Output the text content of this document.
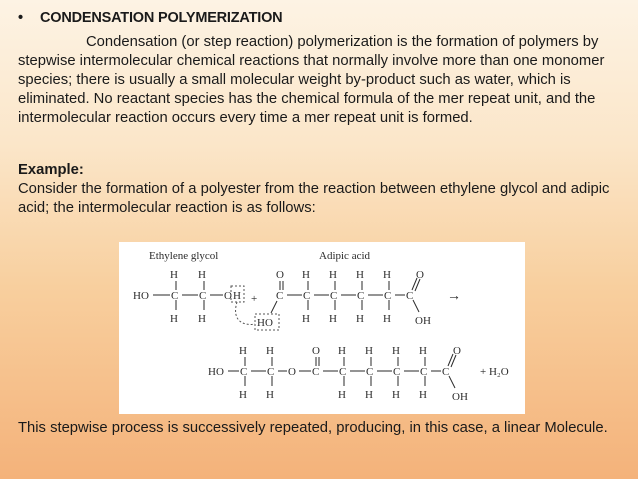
• CONDENSATION POLYMERIZATION
Condensation (or step reaction) polymerization is the formation of polymers by stepwise intermolecular chemical reactions that normally involve more than one monomer species; there is usually a small molecular weight by-product such as water, which is eliminated. No reactant species has the chemical formula of the mer repeat unit, and the intermolecular reaction occurs every time a mer repeat unit is formed.
Example:
Consider the formation of a polyester from the reaction between ethylene glycol and adipic acid; the intermolecular reaction is as follows:
Ethylene glycol	Adipic acid
H H
HO C C O H
H H
+
O H H H H O
C C C C C C
HO	H H H H OH
→
H H	O H H H H O
HO C C O C C C C C C
H H	H H H H OH
+ H₂O
This stepwise process is successively repeated, producing, in this case, a linear Molecule.
